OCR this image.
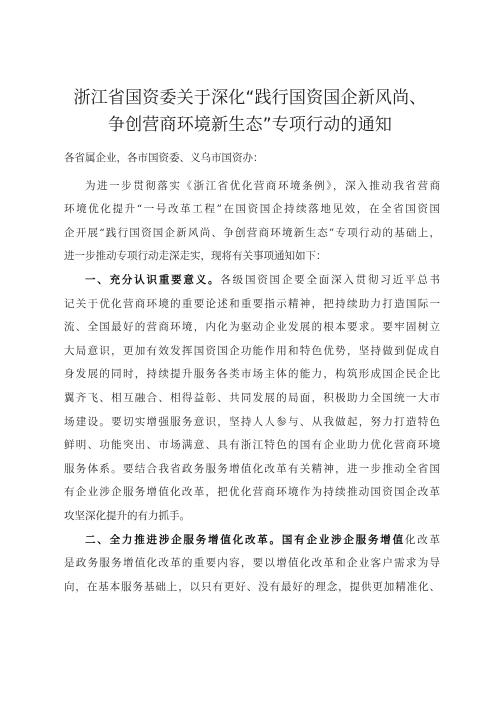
浙江省国资委关于深化“践行国资国企新风尚、
争创营商环境新生态”专项行动的通知
各省属企业，各市国资委、义乌市国资办：
为进一步贯彻落实《浙江省优化营商环境条例》，深入推动我省营商
环境优化提升“一号改革工程”在国资国企持续落地见效，在全省国资国
企开展“践行国资国企新风尚、争创营商环境新生态”专项行动的基础上，
进一步推动专项行动走深走实，现将有关事项通知如下：
一、充分认识重要意义。各级国资国企要全面深入贯彻习近平总书
记关于优化营商环境的重要论述和重要指示精神，把持续助力打造国际一
流、全国最好的营商环境，内化为驱动企业发展的根本要求。要牢固树立
大局意识，更加有效发挥国资国企功能作用和特色优势，坚持做到促成自
身发展的同时，持续提升服务各类市场主体的能力，构筑形成国企民企比
翼齐飞、相互融合、相得益彰、共同发展的局面，积极助力全国统一大市
场建设。要切实增强服务意识，坚持人人参与、从我做起，努力打造特色
鲜明、功能突出、市场满意、具有浙江特色的国有企业助力优化营商环境
服务体系。要结合我省政务服务增值化改革有关精神，进一步推动全省国
有企业涉企服务增值化改革，把优化营商环境作为持续推动国资国企改革
攻坚深化提升的有力抓手。
二、全力推进涉企服务增值化改革。国有企业涉企服务增值化改革
是政务服务增值化改革的重要内容，要以增值化改革和企业客户需求为导
向，在基本服务基础上，以只有更好、没有最好的理念，提供更加精准化、
